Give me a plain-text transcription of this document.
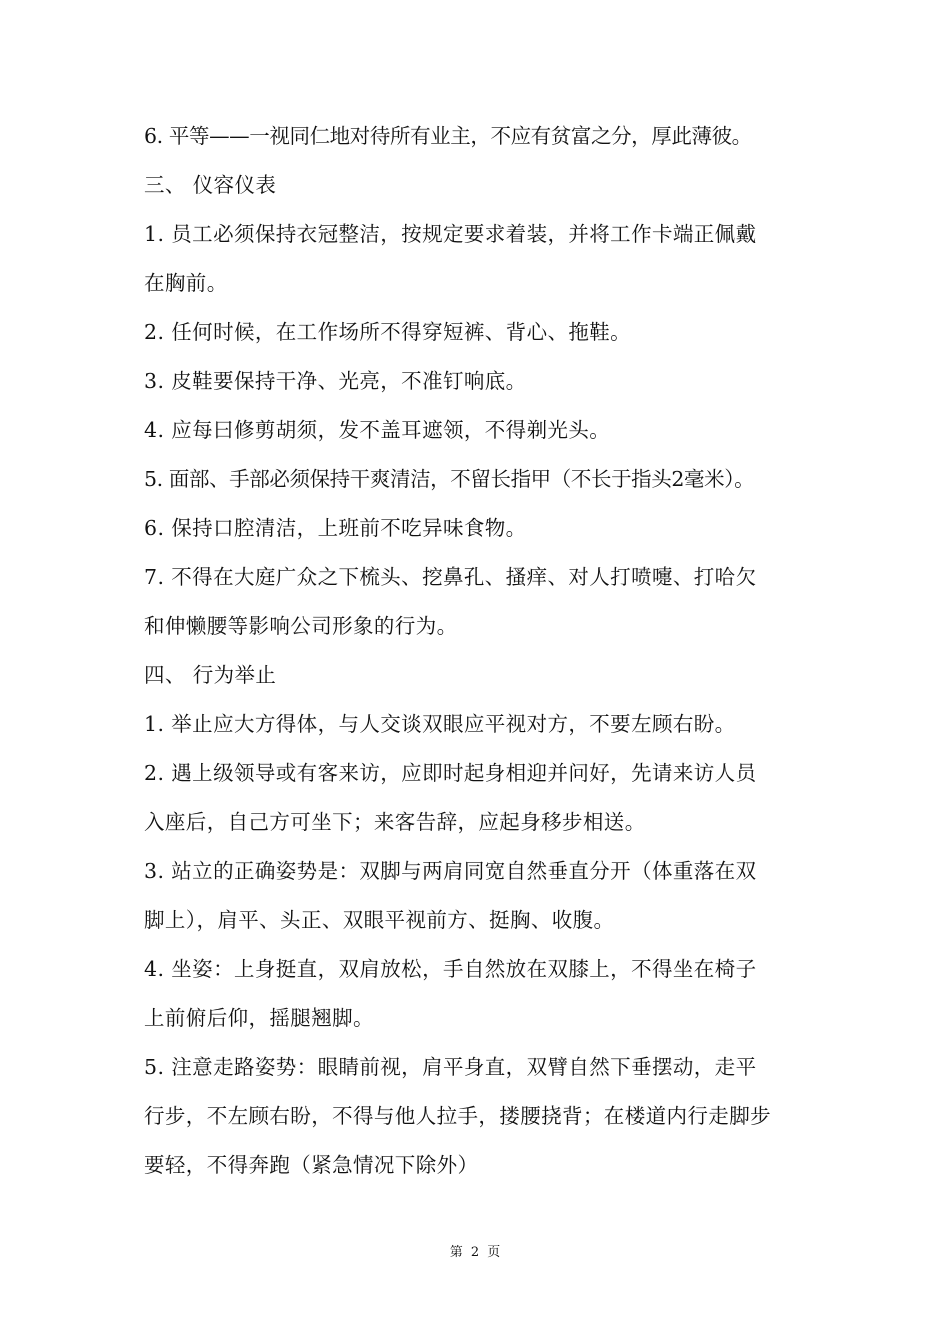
6. 平等——一视同仁地对待所有业主，不应有贫富之分，厚此薄彼。
三、 仪容仪表
1. 员工必须保持衣冠整洁，按规定要求着装，并将工作卡端正佩戴
在胸前。
2. 任何时候，在工作场所不得穿短裤、背心、拖鞋。
3. 皮鞋要保持干净、光亮，不准钉响底。
4. 应每曰修剪胡须，发不盖耳遮领，不得剃光头。
5. 面部、手部必须保持干爽清洁，不留长指甲（不长于指头2毫米）。
6. 保持口腔清洁，上班前不吃异味食物。
7. 不得在大庭广众之下梳头、挖鼻孔、搔痒、对人打喷嚏、打哈欠
和伸懒腰等影响公司形象的行为。
四、 行为举止
1. 举止应大方得体，与人交谈双眼应平视对方，不要左顾右盼。
2. 遇上级领导或有客来访，应即时起身相迎并问好，先请来访人员
入座后，自己方可坐下；来客告辞，应起身移步相送。
3. 站立的正确姿势是：双脚与两肩同宽自然垂直分开（体重落在双
脚上），肩平、头正、双眼平视前方、挺胸、收腹。
4. 坐姿：上身挺直，双肩放松，手自然放在双膝上，不得坐在椅子
上前俯后仰，摇腿翘脚。
5. 注意走路姿势：眼睛前视，肩平身直，双臂自然下垂摆动，走平
行步，不左顾右盼，不得与他人拉手，搂腰挠背；在楼道内行走脚步
要轻，不得奔跑（紧急情况下除外）
第 2 页
